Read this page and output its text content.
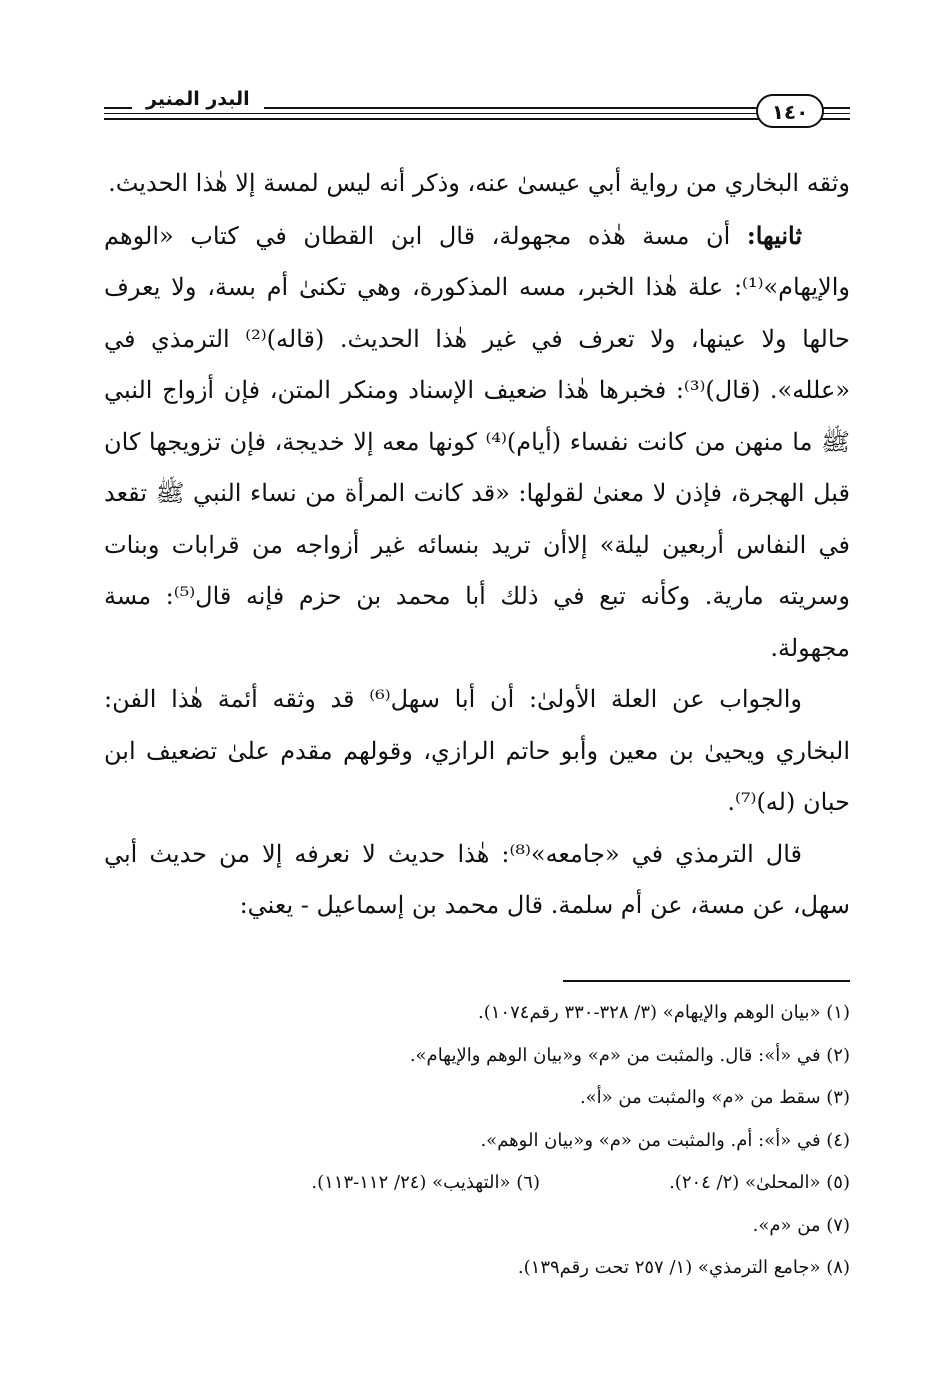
البدر المنير
١٤٠

وثقه البخاري من رواية أبي عيسىٰ عنه، وذكر أنه ليس لمسة إلا هٰذا الحديث.

ثانيها: أن مسة هٰذه مجهولة، قال ابن القطان في كتاب «الوهم والإيهام»⁽¹⁾: علة هٰذا الخبر، مسه المذكورة، وهي تكنىٰ أم بسة، ولا يعرف حالها ولا عينها، ولا تعرف في غير هٰذا الحديث. (قاله)⁽²⁾ الترمذي في «علله». (قال)⁽³⁾: فخبرها هٰذا ضعيف الإسناد ومنكر المتن، فإن أزواج النبي ﷺ ما منهن من كانت نفساء (أيام)⁽⁴⁾ كونها معه إلا خديجة، فإن تزويجها كان قبل الهجرة، فإذن لا معنىٰ لقولها: «قد كانت المرأة من نساء النبي ﷺ تقعد في النفاس أربعين ليلة» إلاأن تريد بنسائه غير أزواجه من قرابات وبنات وسريته مارية. وكأنه تبع في ذلك أبا محمد بن حزم فإنه قال⁽⁵⁾: مسة مجهولة.

والجواب عن العلة الأولىٰ: أن أبا سهل⁽⁶⁾ قد وثقه أئمة هٰذا الفن: البخاري ويحيىٰ بن معين وأبو حاتم الرازي، وقولهم مقدم علىٰ تضعيف ابن حبان (له)⁽⁷⁾.

قال الترمذي في «جامعه»⁽⁸⁾: هٰذا حديث لا نعرفه إلا من حديث أبي سهل، عن مسة، عن أم سلمة. قال محمد بن إسماعيل - يعني:

(١) «بيان الوهم والإيهام» (٣/ ٣٢٨-٣٣٠ رقم١٠٧٤).
(٢) في «أ»: قال. والمثبت من «م» و«بيان الوهم والإيهام».
(٣) سقط من «م» والمثبت من «أ».
(٤) في «أ»: أم. والمثبت من «م» و«بيان الوهم».
(٥) «المحلىٰ» (٢/ ٢٠٤).
(٦) «التهذيب» (٢٤/ ١١٢-١١٣).
(٧) من «م».
(٨) «جامع الترمذي» (١/ ٢٥٧ تحت رقم١٣٩).
